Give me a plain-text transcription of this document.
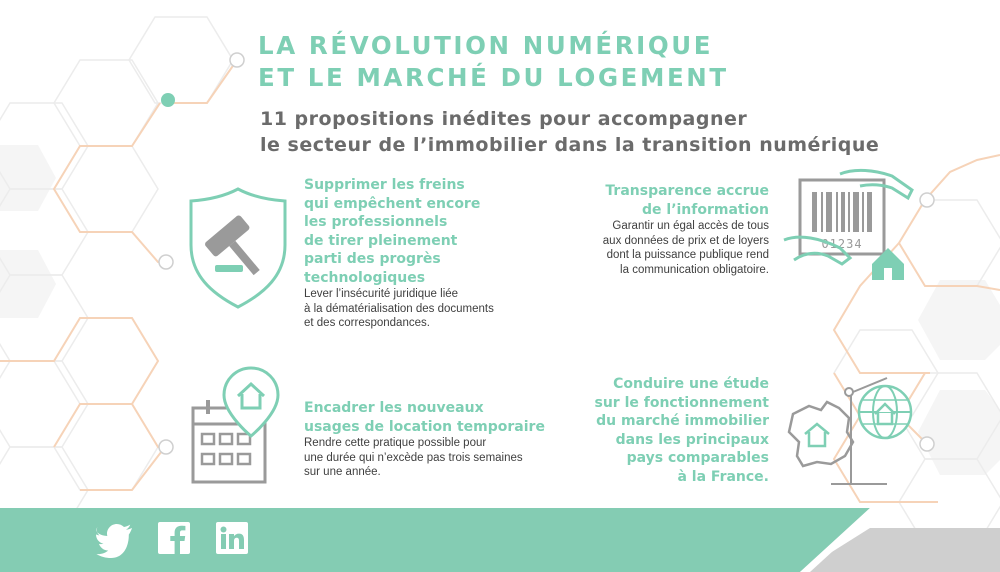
LA RÉVOLUTION NUMÉRIQUE
ET LE MARCHÉ DU LOGEMENT
11 propositions inédites pour accompagner
le secteur de l’immobilier dans la transition numérique
Supprimer les freins
qui empêchent encore
les professionnels
de tirer pleinement
parti des progrès
technologiques

Lever l’insécurité juridique liée
à la dématérialisation des documents
et des correspondances.

Transparence accrue
de l’information

Garantir un égal accès de tous
aux données de prix et de loyers
dont la puissance publique rend
la communication obligatoire.

01234
Encadrer les nouveaux
usages de location temporaire

Rendre cette pratique possible pour
une durée qui n’excède pas trois semaines
sur une année.

Conduire une étude
sur le fonctionnement
du marché immobilier
dans les principaux
pays comparables
à la France.
